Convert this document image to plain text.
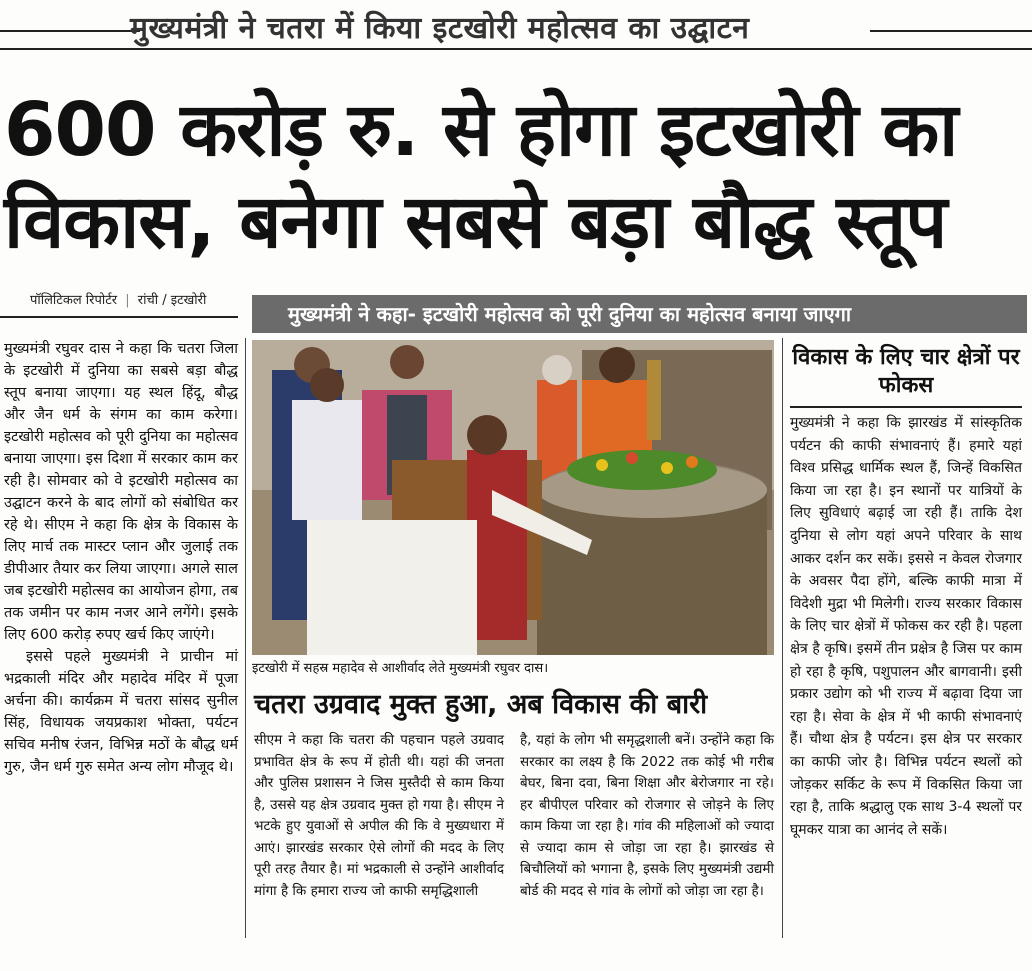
मुख्यमंत्री ने चतरा में किया इटखोरी महोत्सव का उद्घाटन
600 करोड़ रु. से होगा इटखोरी का
विकास, बनेगा सबसे बड़ा बौद्ध स्तूप
पॉलिटिकल रिपोर्टर | रांची / इटखोरी
मुख्यमंत्री ने कहा- इटखोरी महोत्सव को पूरी दुनिया का महोत्सव बनाया जाएगा

मुख्यमंत्री रघुवर दास ने कहा कि चतरा जिला के इटखोरी में दुनिया का सबसे बड़ा बौद्ध स्तूप बनाया जाएगा। यह स्थल हिंदू, बौद्ध और जैन धर्म के संगम का काम करेगा। इटखोरी महोत्सव को पूरी दुनिया का महोत्सव बनाया जाएगा। इस दिशा में सरकार काम कर रही है। सोमवार को वे इटखोरी महोत्सव का उद्घाटन करने के बाद लोगों को संबोधित कर रहे थे। सीएम ने कहा कि क्षेत्र के विकास के लिए मार्च तक मास्टर प्लान और जुलाई तक डीपीआर तैयार कर लिया जाएगा। अगले साल जब इटखोरी महोत्सव का आयोजन होगा, तब तक जमीन पर काम नजर आने लगेंगे। इसके लिए 600 करोड़ रुपए खर्च किए जाएंगे।

इससे पहले मुख्यमंत्री ने प्राचीन मां भद्रकाली मंदिर और महादेव मंदिर में पूजा अर्चना की। कार्यक्रम में चतरा सांसद सुनील सिंह, विधायक जयप्रकाश भोक्ता, पर्यटन सचिव मनीष रंजन, विभिन्न मठों के बौद्ध धर्म गुरु, जैन धर्म गुरु समेत अन्य लोग मौजूद थे।

इटखोरी में सहस्र महादेव से आशीर्वाद लेते मुख्यमंत्री रघुवर दास।
चतरा उग्रवाद मुक्त हुआ, अब विकास की बारी

सीएम ने कहा कि चतरा की पहचान पहले उग्रवाद प्रभावित क्षेत्र के रूप में होती थी। यहां की जनता और पुलिस प्रशासन ने जिस मुस्तैदी से काम किया है, उससे यह क्षेत्र उग्रवाद मुक्त हो गया है। सीएम ने भटके हुए युवाओं से अपील की कि वे मुख्यधारा में आएं। झारखंड सरकार ऐसे लोगों की मदद के लिए पूरी तरह तैयार है। मां भद्रकाली से उन्होंने आशीर्वाद मांगा है कि हमारा राज्य जो काफी समृद्धिशाली

है, यहां के लोग भी समृद्धशाली बनें। उन्होंने कहा कि सरकार का लक्ष्य है कि 2022 तक कोई भी गरीब बेघर, बिना दवा, बिना शिक्षा और बेरोजगार ना रहे। हर बीपीएल परिवार को रोजगार से जोड़ने के लिए काम किया जा रहा है। गांव की महिलाओं को ज्यादा से ज्यादा काम से जोड़ा जा रहा है। झारखंड से बिचौलियों को भगाना है, इसके लिए मुख्यमंत्री उद्यमी बोर्ड की मदद से गांव के लोगों को जोड़ा जा रहा है।

विकास के लिए चार क्षेत्रों पर फोकस
मुख्यमंत्री ने कहा कि झारखंड में सांस्कृतिक पर्यटन की काफी संभावनाएं हैं। हमारे यहां विश्व प्रसिद्ध धार्मिक स्थल हैं, जिन्हें विकसित किया जा रहा है। इन स्थानों पर यात्रियों के लिए सुविधाएं बढ़ाई जा रही हैं। ताकि देश दुनिया से लोग यहां अपने परिवार के साथ आकर दर्शन कर सकें। इससे न केवल रोजगार के अवसर पैदा होंगे, बल्कि काफी मात्रा में विदेशी मुद्रा भी मिलेगी। राज्य सरकार विकास के लिए चार क्षेत्रों में फोकस कर रही है। पहला क्षेत्र है कृषि। इसमें तीन प्रक्षेत्र है जिस पर काम हो रहा है कृषि, पशुपालन और बागवानी। इसी प्रकार उद्योग को भी राज्य में बढ़ावा दिया जा रहा है। सेवा के क्षेत्र में भी काफी संभावनाएं हैं। चौथा क्षेत्र है पर्यटन। इस क्षेत्र पर सरकार का काफी जोर है। विभिन्न पर्यटन स्थलों को जोड़कर सर्किट के रूप में विकसित किया जा रहा है, ताकि श्रद्धालु एक साथ 3-4 स्थलों पर घूमकर यात्रा का आनंद ले सकें।
